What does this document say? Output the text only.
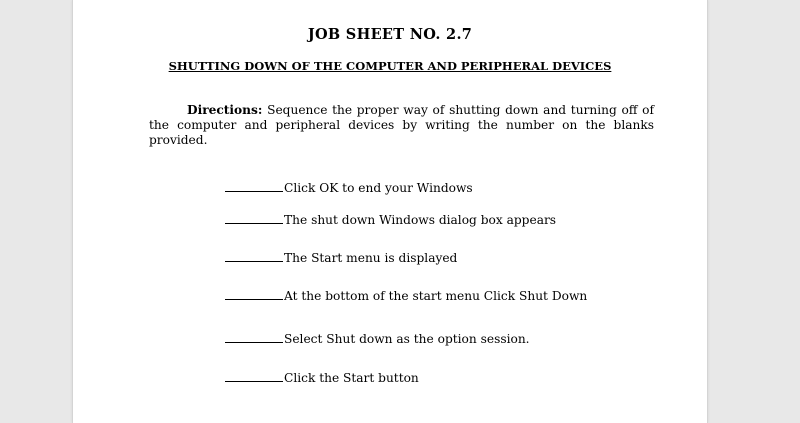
JOB SHEET NO. 2.7
SHUTTING DOWN OF THE COMPUTER AND PERIPHERAL DEVICES
Directions: Sequence the proper way of shutting down and turning off of the computer and peripheral devices by writing the number on the blanks provided.
Click OK to end your Windows
The shut down Windows dialog box appears
The Start menu is displayed
At the bottom of the start menu Click Shut Down
Select Shut down as the option session.
Click the Start button
